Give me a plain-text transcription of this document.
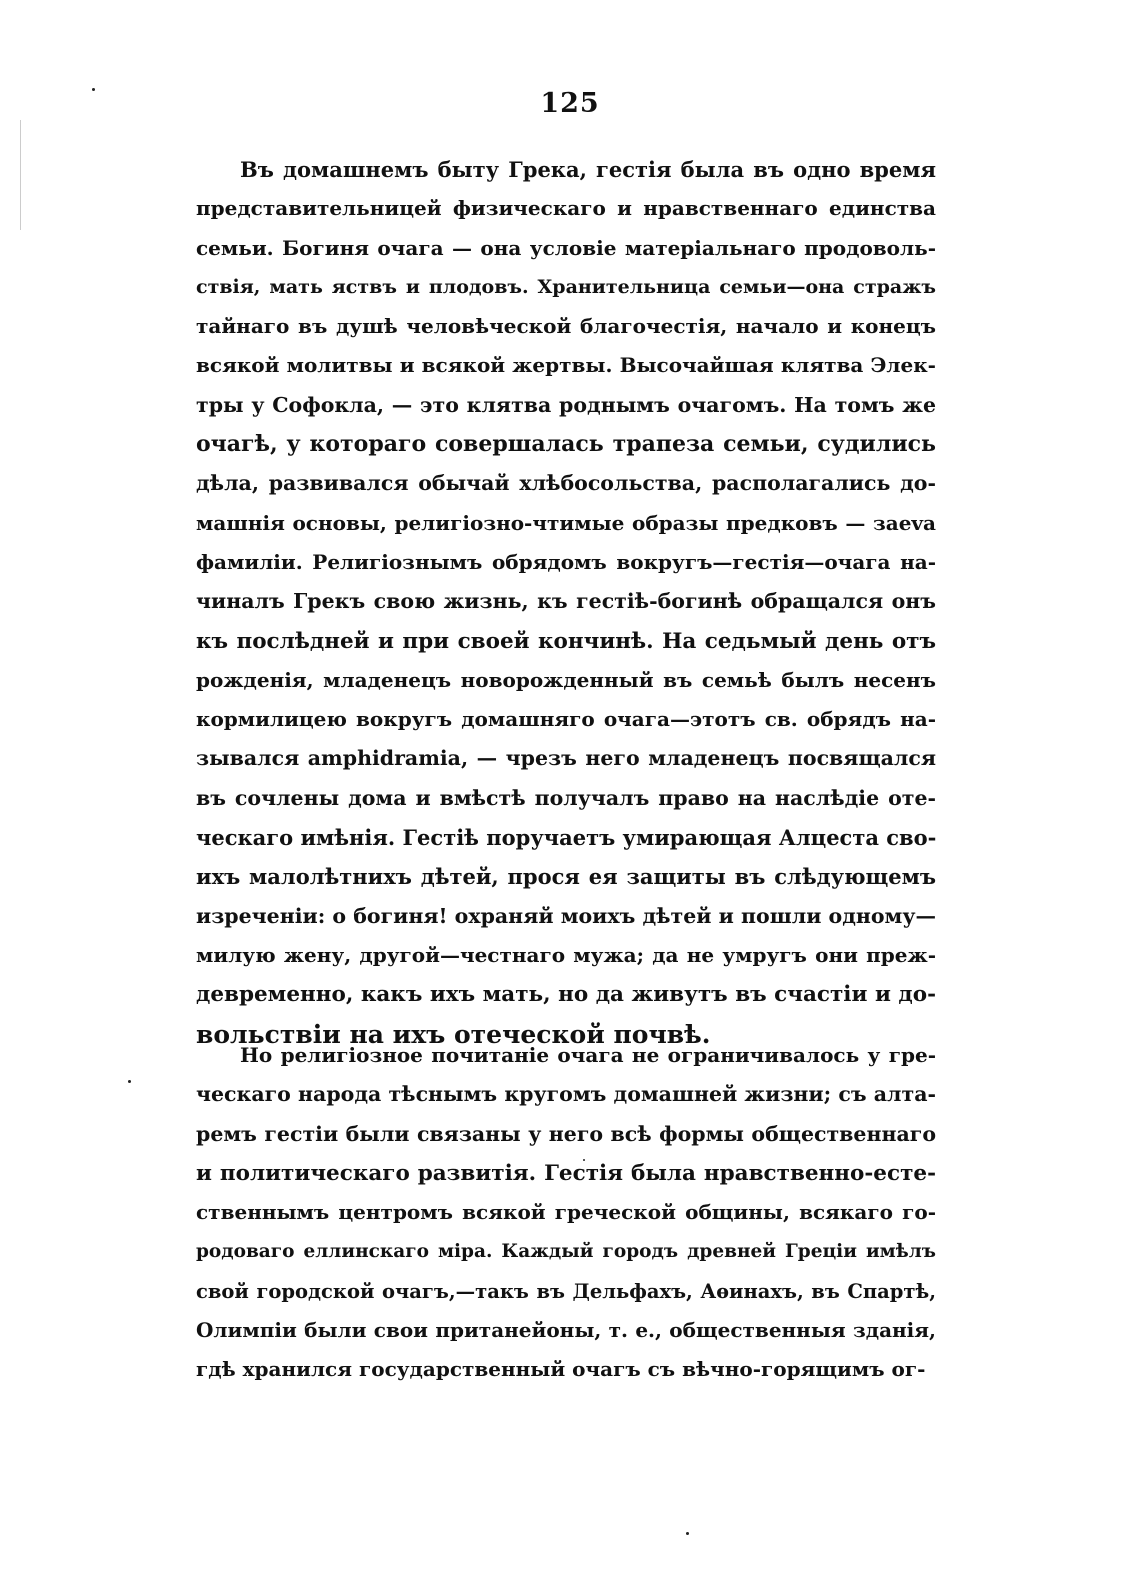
125
Въ домашнемъ быту Грека, гестія была въ одно время
представительницей физическаго и нравственнаго единства
семьи. Богиня очага — она условіе матеріальнаго продоволь-
ствія, мать яствъ и плодовъ. Хранительница семьи—она стражъ
тайнаго въ душѣ человѣческой благочестія, начало и конецъ
всякой молитвы и всякой жертвы. Высочайшая клятва Элек-
тры у Софокла, — это клятва роднымъ очагомъ. На томъ же
очагѣ, у котораго совершалась трапеза семьи, судились
дѣла, развивался обычай хлѣбосольства, располагались до-
машнія основы, религіозно-чтимые образы предковъ — заеva
фамиліи. Религіознымъ обрядомъ вокругъ—гестія—очага на-
чиналъ Грекъ свою жизнь, къ гестіѣ-богинѣ обращался онъ
къ послѣдней и при своей кончинѣ. На седьмый день отъ
рожденія, младенецъ новорожденный въ семьѣ былъ несенъ
кормилицею вокругъ домашняго очага—этотъ св. обрядъ на-
зывался amphidramia, — чрезъ него младенецъ посвящался
въ сочлены дома и вмѣстѣ получалъ право на наслѣдіе оте-
ческаго имѣнія. Гестіѣ поручаетъ умирающая Алцеста сво-
ихъ малолѣтнихъ дѣтей, прося ея защиты въ слѣдующемъ
изреченіи: о богиня! охраняй моихъ дѣтей и пошли одному—
милую жену, другой—честнаго мужа; да не умругъ они преж-
девременно, какъ ихъ мать, но да живутъ въ счастіи и до-
вольствіи на ихъ отеческой почвѣ.
Но религіозное почитаніе очага не ограничивалось у гре-
ческаго народа тѣснымъ кругомъ домашней жизни; съ алта-
ремъ гестіи были связаны у него всѣ формы общественнаго
и политическаго развитія. Гестія была нравственно-есте-
ственнымъ центромъ всякой греческой общины, всякаго го-
родоваго еллинскаго міра. Каждый городъ древней Греціи имѣлъ
свой городской очагъ,—такъ въ Дельфахъ, Аѳинахъ, въ Спартѣ,
Олимпіи были свои пританейоны, т. е., общественныя зданія,
гдѣ хранился государственный очагъ съ вѣчно-горящимъ ог-
